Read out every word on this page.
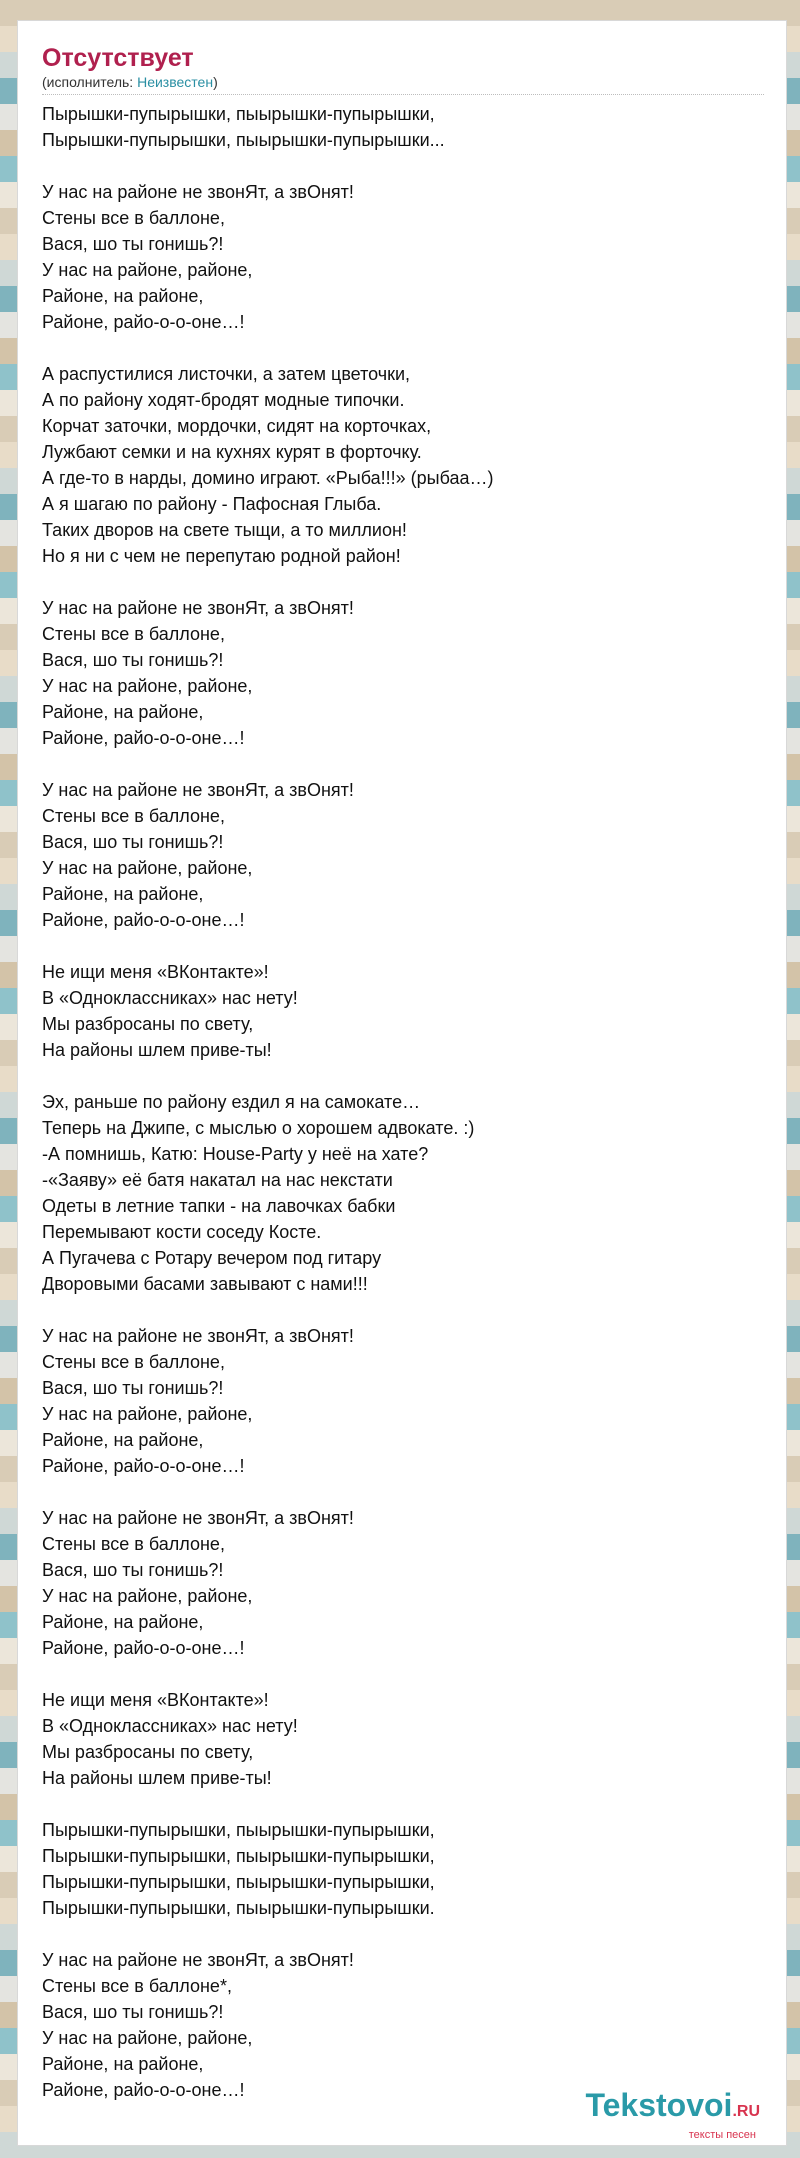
Отсутствует
(исполнитель: Неизвестен)
Пырышки-пупырышки, пыырышки-пупырышки,
Пырышки-пупырышки, пыырышки-пупырышки...
У нас на районе не звонЯт, а звОнят!
Стены все в баллоне,
Вася, шо ты гонишь?!
У нас на районе, районе,
Районе, на районе,
Районе, райо-о-о-оне…!
А распустилися листочки, а затем цветочки,
А по району ходят-бродят модные типочки.
Корчат заточки, мордочки, сидят на корточках,
Лужбают семки и на кухнях курят в форточку.
А где-то в нарды, домино играют. «Рыба!!!» (рыбаа…)
А я шагаю по району - Пафосная Глыба.
Таких дворов на свете тыщи, а то миллион!
Но я ни с чем не перепутаю родной район!
У нас на районе не звонЯт, а звОнят!
Стены все в баллоне,
Вася, шо ты гонишь?!
У нас на районе, районе,
Районе, на районе,
Районе, райо-о-о-оне…!
У нас на районе не звонЯт, а звОнят!
Стены все в баллоне,
Вася, шо ты гонишь?!
У нас на районе, районе,
Районе, на районе,
Районе, райо-о-о-оне…!
Не ищи меня «ВКонтакте»!
В «Одноклассниках» нас нету!
Мы разбросаны по свету,
На районы шлем приве-ты!
Эх, раньше по району ездил я на самокате…
Теперь на Джипе, с мыслью о хорошем адвокате. :)
-А помнишь, Катю: House-Party у неё на хате?
-«Заяву» её батя накатал на нас некстати
Одеты в летние тапки - на лавочках бабки
Перемывают кости соседу Косте.
А Пугачева с Ротару вечером под гитару
Дворовыми басами завывают с нами!!!
У нас на районе не звонЯт, а звОнят!
Стены все в баллоне,
Вася, шо ты гонишь?!
У нас на районе, районе,
Районе, на районе,
Районе, райо-о-о-оне…!
У нас на районе не звонЯт, а звОнят!
Стены все в баллоне,
Вася, шо ты гонишь?!
У нас на районе, районе,
Районе, на районе,
Районе, райо-о-о-оне…!
Не ищи меня «ВКонтакте»!
В «Одноклассниках» нас нету!
Мы разбросаны по свету,
На районы шлем приве-ты!
Пырышки-пупырышки, пыырышки-пупырышки,
Пырышки-пупырышки, пыырышки-пупырышки,
Пырышки-пупырышки, пыырышки-пупырышки,
Пырышки-пупырышки, пыырышки-пупырышки.
У нас на районе не звонЯт, а звОнят!
Стены все в баллоне*,
Вася, шо ты гонишь?!
У нас на районе, районе,
Районе, на районе,
Районе, райо-о-о-оне…!	Tekstovoi.RU
тексты песен
